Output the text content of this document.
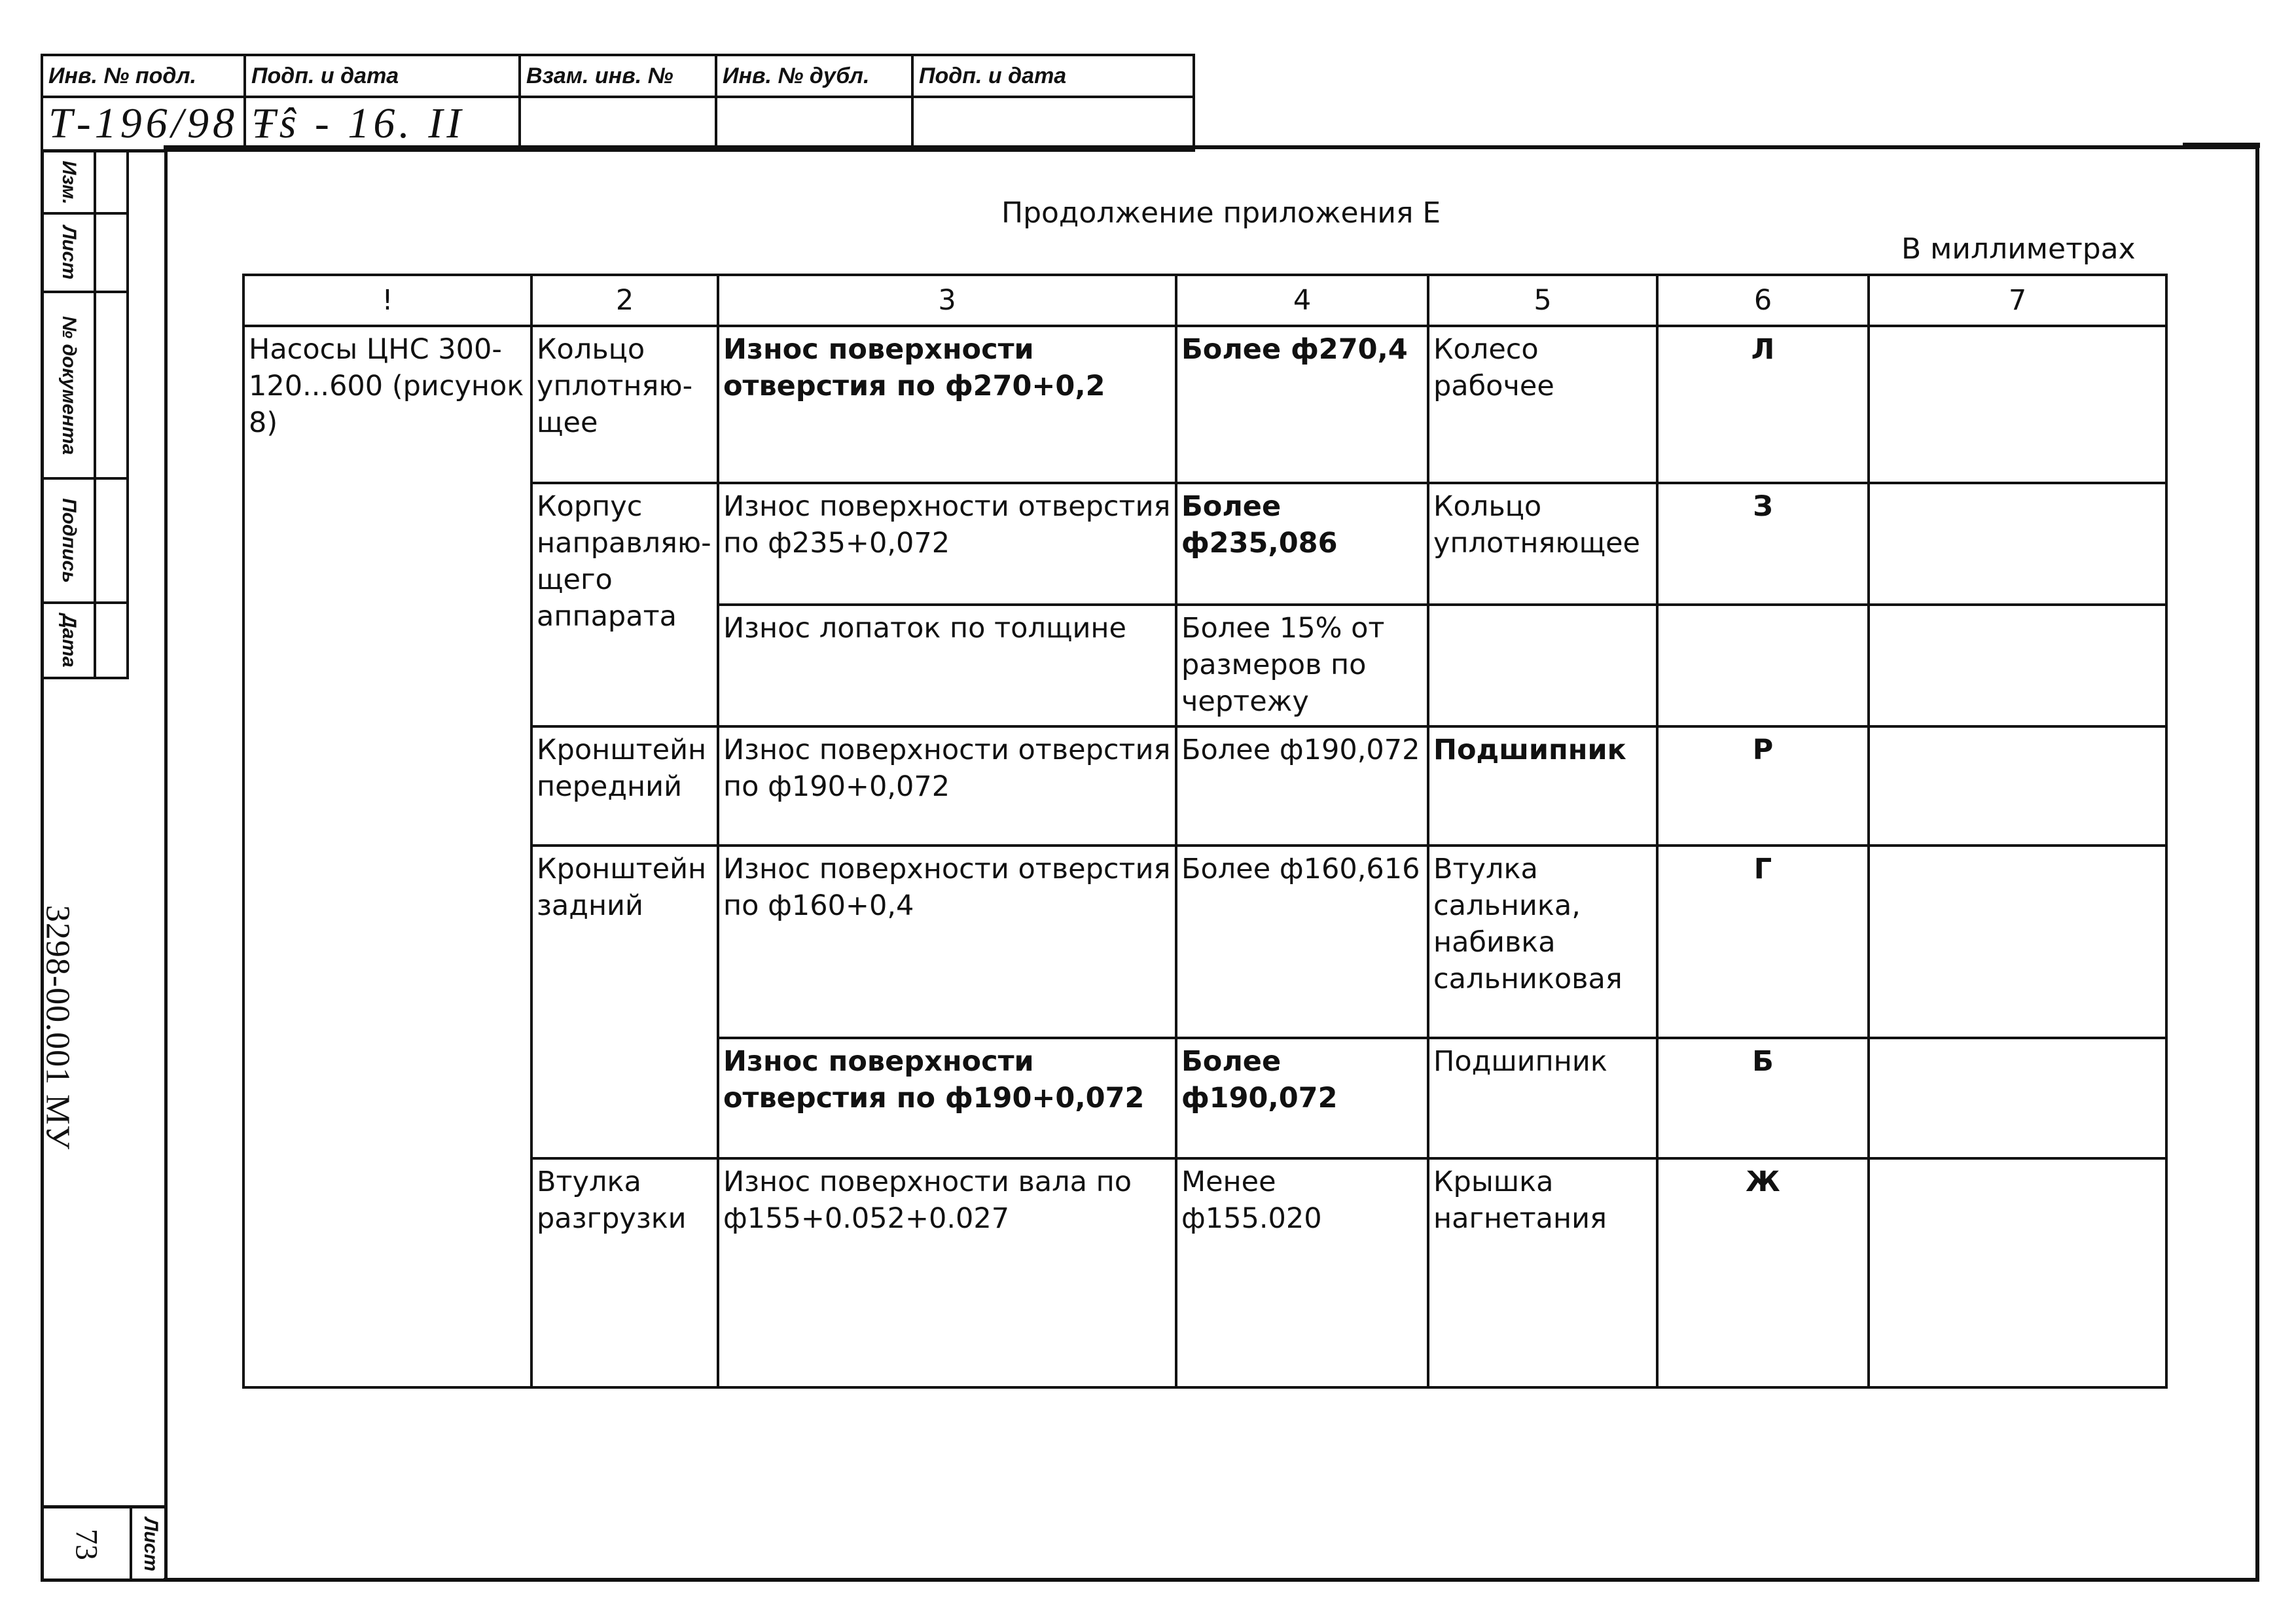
Инв. № подл.	Подп. и дата	Взам. инв. №	Инв. № дубл.	Подп. и дата
Т-196/98	Ŧŝ - 16. II			
Изм.
Лист
№ документа
Подпись
Дата
3298-00.001 МУ
73 Лист
Продолжение приложения Е
В миллиметрах
!	2	3	4	5	6	7
Насосы ЦНС 300-120...600 (рисунок 8)	Кольцо уплотняю-щее	Износ поверхности отверстия по ф270+0,2	Более ф270,4	Колесо рабочее	Л	
	Корпус направляю-щего аппарата	Износ поверхности отверстия по ф235+0,072	Более ф235,086	Кольцо уплотняющее	З	
		Износ лопаток по толщине	Более 15% от размеров по чертежу			
	Кронштейн передний	Износ поверхности отверстия по ф190+0,072	Более ф190,072	Подшипник	Р	
	Кронштейн задний	Износ поверхности отверстия по ф160+0,4	Более ф160,616	Втулка сальника, набивка сальниковая	Г	
		Износ поверхности отверстия по ф190+0,072	Более ф190,072	Подшипник	Б	
	Втулка разгрузки	Износ поверхности вала по ф155+0.052+0.027	Менее ф155.020	Крышка нагнетания	Ж	
